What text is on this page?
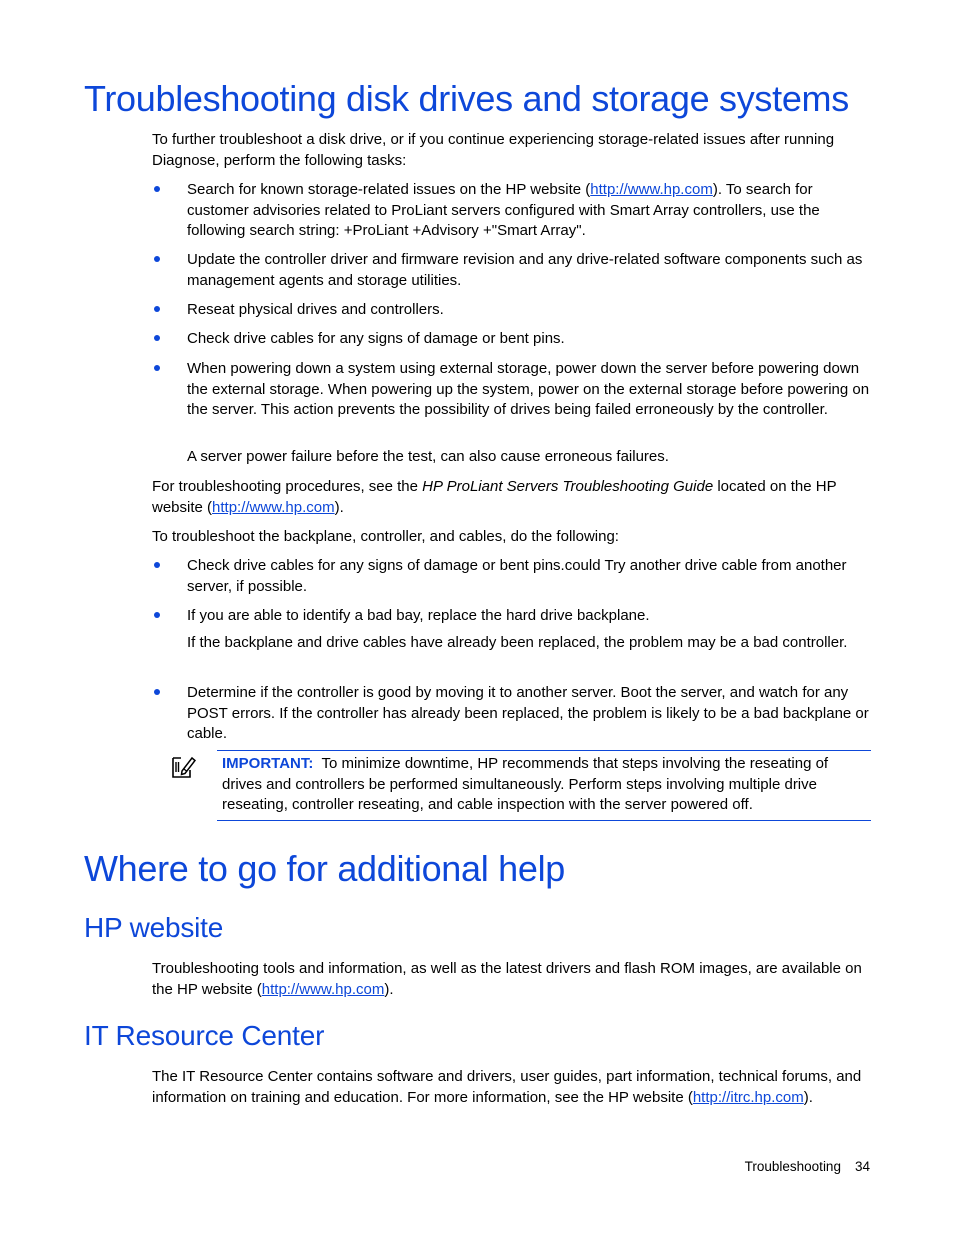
Troubleshooting disk drives and storage systems
To further troubleshoot a disk drive, or if you continue experiencing storage-related issues after running Diagnose, perform the following tasks:
Search for known storage-related issues on the HP website (http://www.hp.com). To search for customer advisories related to ProLiant servers configured with Smart Array controllers, use the following search string: +ProLiant +Advisory +"Smart Array".
Update the controller driver and firmware revision and any drive-related software components such as management agents and storage utilities.
Reseat physical drives and controllers.
Check drive cables for any signs of damage or bent pins.
When powering down a system using external storage, power down the server before powering down the external storage. When powering up the system, power on the external storage before powering on the server. This action prevents the possibility of drives being failed erroneously by the controller.
A server power failure before the test, can also cause erroneous failures.
For troubleshooting procedures, see the HP ProLiant Servers Troubleshooting Guide located on the HP website (http://www.hp.com).
To troubleshoot the backplane, controller, and cables, do the following:
Check drive cables for any signs of damage or bent pins.could Try another drive cable from another server, if possible.
If you are able to identify a bad bay, replace the hard drive backplane.
If the backplane and drive cables have already been replaced, the problem may be a bad controller.
Determine if the controller is good by moving it to another server. Boot the server, and watch for any POST errors. If the controller has already been replaced, the problem is likely to be a bad backplane or cable.
IMPORTANT: To minimize downtime, HP recommends that steps involving the reseating of drives and controllers be performed simultaneously. Perform steps involving multiple drive reseating, controller reseating, and cable inspection with the server powered off.
Where to go for additional help
HP website
Troubleshooting tools and information, as well as the latest drivers and flash ROM images, are available on the HP website (http://www.hp.com).
IT Resource Center
The IT Resource Center contains software and drivers, user guides, part information, technical forums, and information on training and education. For more information, see the HP website (http://itrc.hp.com).
Troubleshooting 34
